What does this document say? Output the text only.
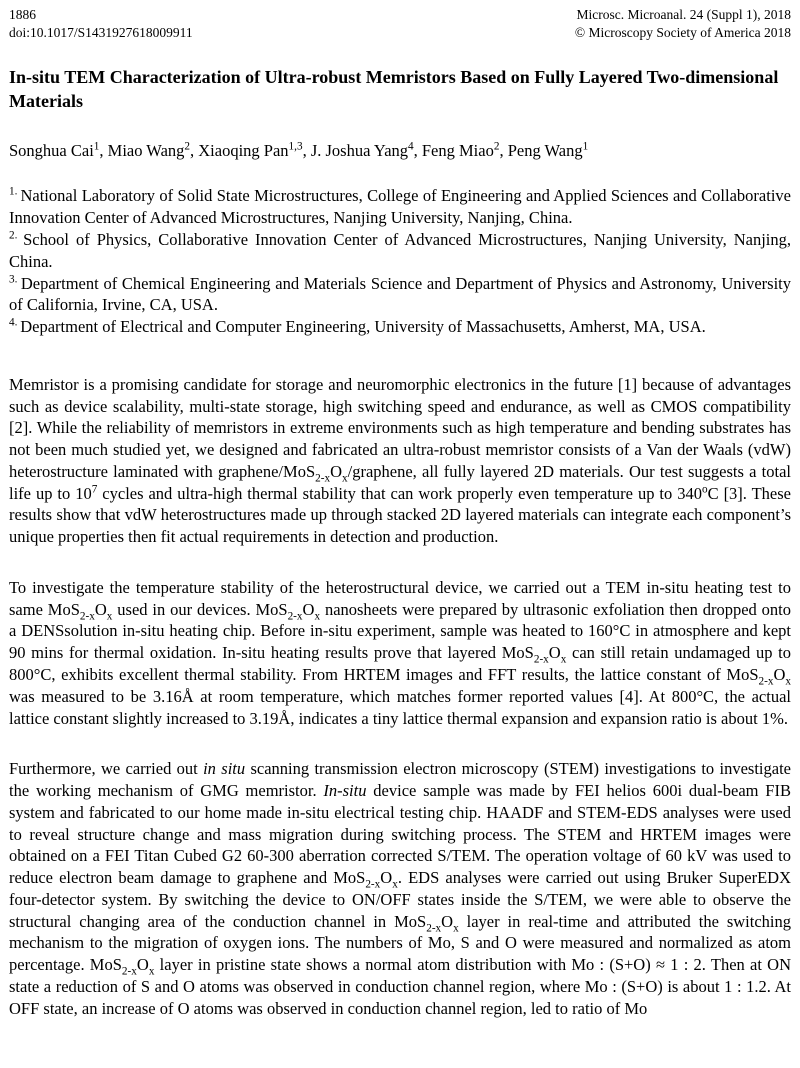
1886
doi:10.1017/S1431927618009911
Microsc. Microanal. 24 (Suppl 1), 2018
© Microscopy Society of America 2018
In-situ TEM Characterization of Ultra-robust Memristors Based on Fully Layered Two-dimensional Materials

Songhua Cai$^1$, Miao Wang$^2$, Xiaoqing Pan$^{1,3}$, J. Joshua Yang$^4$, Feng Miao$^2$, Peng Wang$^1$

$^{1.}$ National Laboratory of Solid State Microstructures, College of Engineering and Applied Sciences and Collaborative Innovation Center of Advanced Microstructures, Nanjing University, Nanjing, China.

$^{2.}$ School of Physics, Collaborative Innovation Center of Advanced Microstructures, Nanjing University, Nanjing, China.

$^{3.}$ Department of Chemical Engineering and Materials Science and Department of Physics and Astronomy, University of California, Irvine, CA, USA.

$^{4.}$ Department of Electrical and Computer Engineering, University of Massachusetts, Amherst, MA, USA.

Memristor is a promising candidate for storage and neuromorphic electronics in the future [1] because of advantages such as device scalability, multi-state storage, high switching speed and endurance, as well as CMOS compatibility [2]. While the reliability of memristors in extreme environments such as high temperature and bending substrates has not been much studied yet, we designed and fabricated an ultra-robust memristor consists of a Van der Waals (vdW) heterostructure laminated with graphene/$MoS_{2-x}O_x$/graphene, all fully layered 2D materials. Our test suggests a total life up to $10^7$ cycles and ultra-high thermal stability that can work properly even temperature up to 340$^o$C [3]. These results show that vdW heterostructures made up through stacked 2D layered materials can integrate each component’s unique properties then fit actual requirements in detection and production.

To investigate the temperature stability of the heterostructural device, we carried out a TEM in-situ heating test to same $MoS_{2-x}O_x$ used in our devices. $MoS_{2-x}O_x$ nanosheets were prepared by ultrasonic exfoliation then dropped onto a DENSsolution in-situ heating chip. Before in-situ experiment, sample was heated to 160°C in atmosphere and kept 90 mins for thermal oxidation. In-situ heating results prove that layered $MoS_{2-x}O_x$ can still retain undamaged up to 800°C, exhibits excellent thermal stability. From HRTEM images and FFT results, the lattice constant of $MoS_{2-x}O_x$ was measured to be 3.16Å at room temperature, which matches former reported values [4]. At 800°C, the actual lattice constant slightly increased to 3.19Å, indicates a tiny lattice thermal expansion and expansion ratio is about 1%.

Furthermore, we carried out in situ scanning transmission electron microscopy (STEM) investigations to investigate the working mechanism of GMG memristor. In-situ device sample was made by FEI helios 600i dual-beam FIB system and fabricated to our home made in-situ electrical testing chip. HAADF and STEM-EDS analyses were used to reveal structure change and mass migration during switching process. The STEM and HRTEM images were obtained on a FEI Titan Cubed G2 60-300 aberration corrected S/TEM. The operation voltage of 60 kV was used to reduce electron beam damage to graphene and $MoS_{2-x}O_x$. EDS analyses were carried out using Bruker SuperEDX four-detector system. By switching the device to ON/OFF states inside the S/TEM, we were able to observe the structural changing area of the conduction channel in $MoS_{2-x}O_x$ layer in real-time and attributed the switching mechanism to the migration of oxygen ions. The numbers of Mo, S and O were measured and normalized as atom percentage. $MoS_{2-x}O_x$ layer in pristine state shows a normal atom distribution with Mo : (S+O) ≈ 1 : 2. Then at ON state a reduction of S and O atoms was observed in conduction channel region, where Mo : (S+O) is about 1 : 1.2. At OFF state, an increase of O atoms was observed in conduction channel region, led to ratio of Mo
